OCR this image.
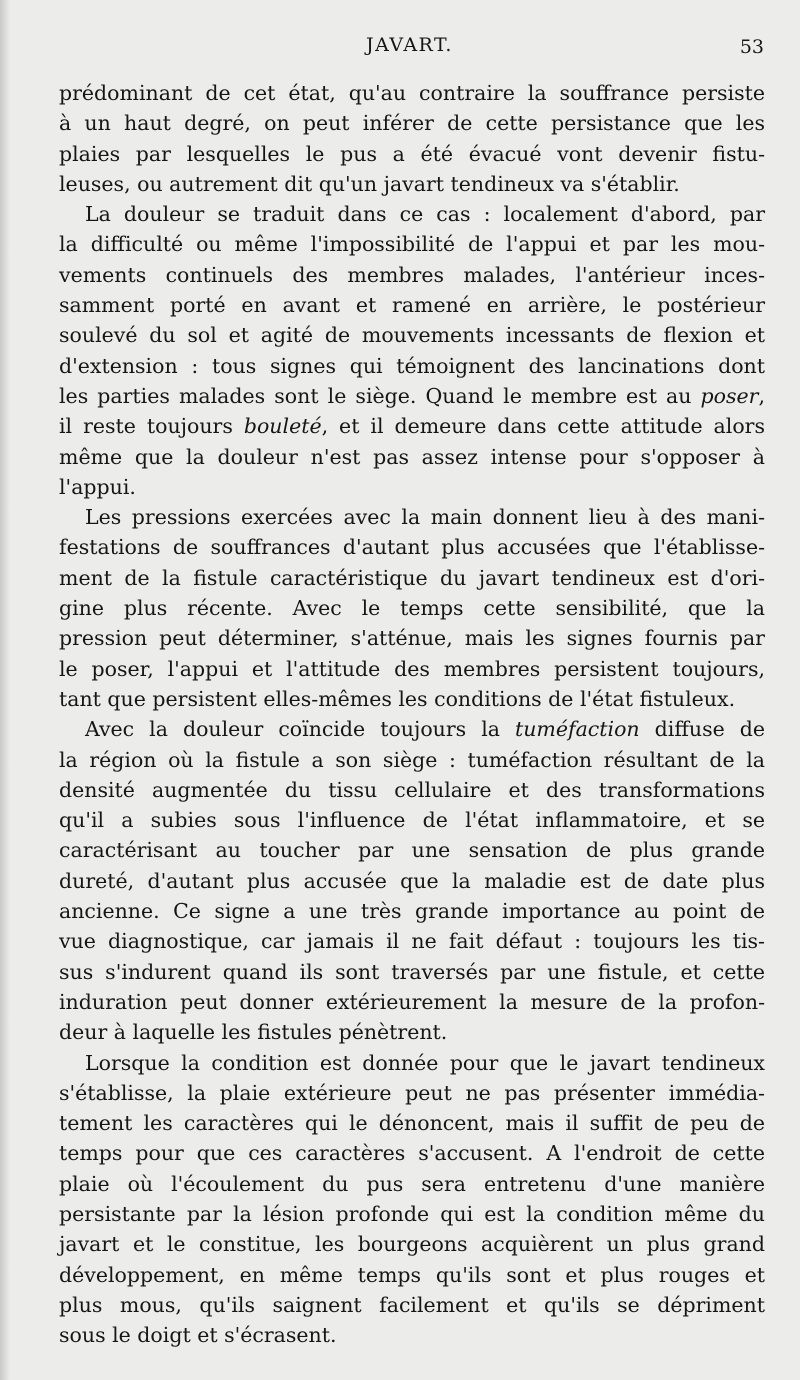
JAVART.	53
prédominant de cet état, qu'au contraire la souffrance persiste
à un haut degré, on peut inférer de cette persistance que les
plaies par lesquelles le pus a été évacué vont devenir fistu-
leuses, ou autrement dit qu'un javart tendineux va s'établir.
La douleur se traduit dans ce cas : localement d'abord, par
la difficulté ou même l'impossibilité de l'appui et par les mou-
vements continuels des membres malades, l'antérieur inces-
samment porté en avant et ramené en arrière, le postérieur
soulevé du sol et agité de mouvements incessants de flexion et
d'extension : tous signes qui témoignent des lancinations dont
les parties malades sont le siège. Quand le membre est au poser,
il reste toujours bouleté, et il demeure dans cette attitude alors
même que la douleur n'est pas assez intense pour s'opposer à
l'appui.
Les pressions exercées avec la main donnent lieu à des mani-
festations de souffrances d'autant plus accusées que l'établisse-
ment de la fistule caractéristique du javart tendineux est d'ori-
gine plus récente. Avec le temps cette sensibilité, que la
pression peut déterminer, s'atténue, mais les signes fournis par
le poser, l'appui et l'attitude des membres persistent toujours,
tant que persistent elles-mêmes les conditions de l'état fistuleux.
Avec la douleur coïncide toujours la tuméfaction diffuse de
la région où la fistule a son siège : tuméfaction résultant de la
densité augmentée du tissu cellulaire et des transformations
qu'il a subies sous l'influence de l'état inflammatoire, et se
caractérisant au toucher par une sensation de plus grande
dureté, d'autant plus accusée que la maladie est de date plus
ancienne. Ce signe a une très grande importance au point de
vue diagnostique, car jamais il ne fait défaut : toujours les tis-
sus s'indurent quand ils sont traversés par une fistule, et cette
induration peut donner extérieurement la mesure de la profon-
deur à laquelle les fistules pénètrent.
Lorsque la condition est donnée pour que le javart tendineux
s'établisse, la plaie extérieure peut ne pas présenter immédia-
tement les caractères qui le dénoncent, mais il suffit de peu de
temps pour que ces caractères s'accusent. A l'endroit de cette
plaie où l'écoulement du pus sera entretenu d'une manière
persistante par la lésion profonde qui est la condition même du
javart et le constitue, les bourgeons acquièrent un plus grand
développement, en même temps qu'ils sont et plus rouges et
plus mous, qu'ils saignent facilement et qu'ils se dépriment
sous le doigt et s'écrasent.
